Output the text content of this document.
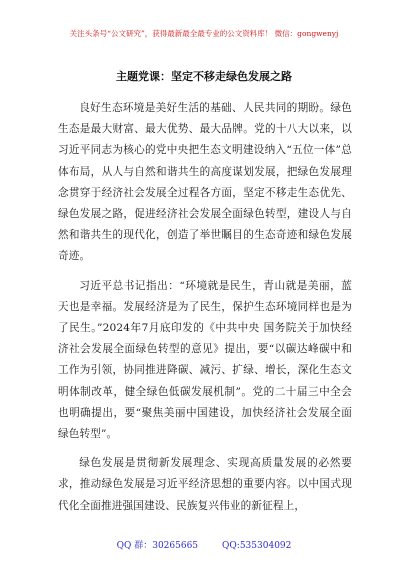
关注头条号“公文研究”，获得最新最全最专业的公文资料库！ 微信：gongwenyj
主题党课：坚定不移走绿色发展之路

良好生态环境是美好生活的基础、人民共同的期盼。绿色生态是最大财富、最大优势、最大品牌。党的十八大以来，以习近平同志为核心的党中央把生态文明建设纳入“五位一体”总体布局，从人与自然和谐共生的高度谋划发展，把绿色发展理念贯穿于经济社会发展全过程各方面，坚定不移走生态优先、绿色发展之路，促进经济社会发展全面绿色转型，建设人与自然和谐共生的现代化，创造了举世瞩目的生态奇迹和绿色发展奇迹。

习近平总书记指出：“环境就是民生，青山就是美丽，蓝天也是幸福。发展经济是为了民生，保护生态环境同样也是为了民生。”2024年7月底印发的《中共中央 国务院关于加快经济社会发展全面绿色转型的意见》提出，要“以碳达峰碳中和工作为引领，协同推进降碳、减污、扩绿、增长，深化生态文明体制改革，健全绿色低碳发展机制”。党的二十届三中全会也明确提出，要“聚焦美丽中国建设，加快经济社会发展全面绿色转型”。

绿色发展是贯彻新发展理念、实现高质量发展的必然要求，推动绿色发展是习近平经济思想的重要内容。以中国式现代化全面推进强国建设、民族复兴伟业的新征程上，

QQ 群：30265665	QQ:535304092
